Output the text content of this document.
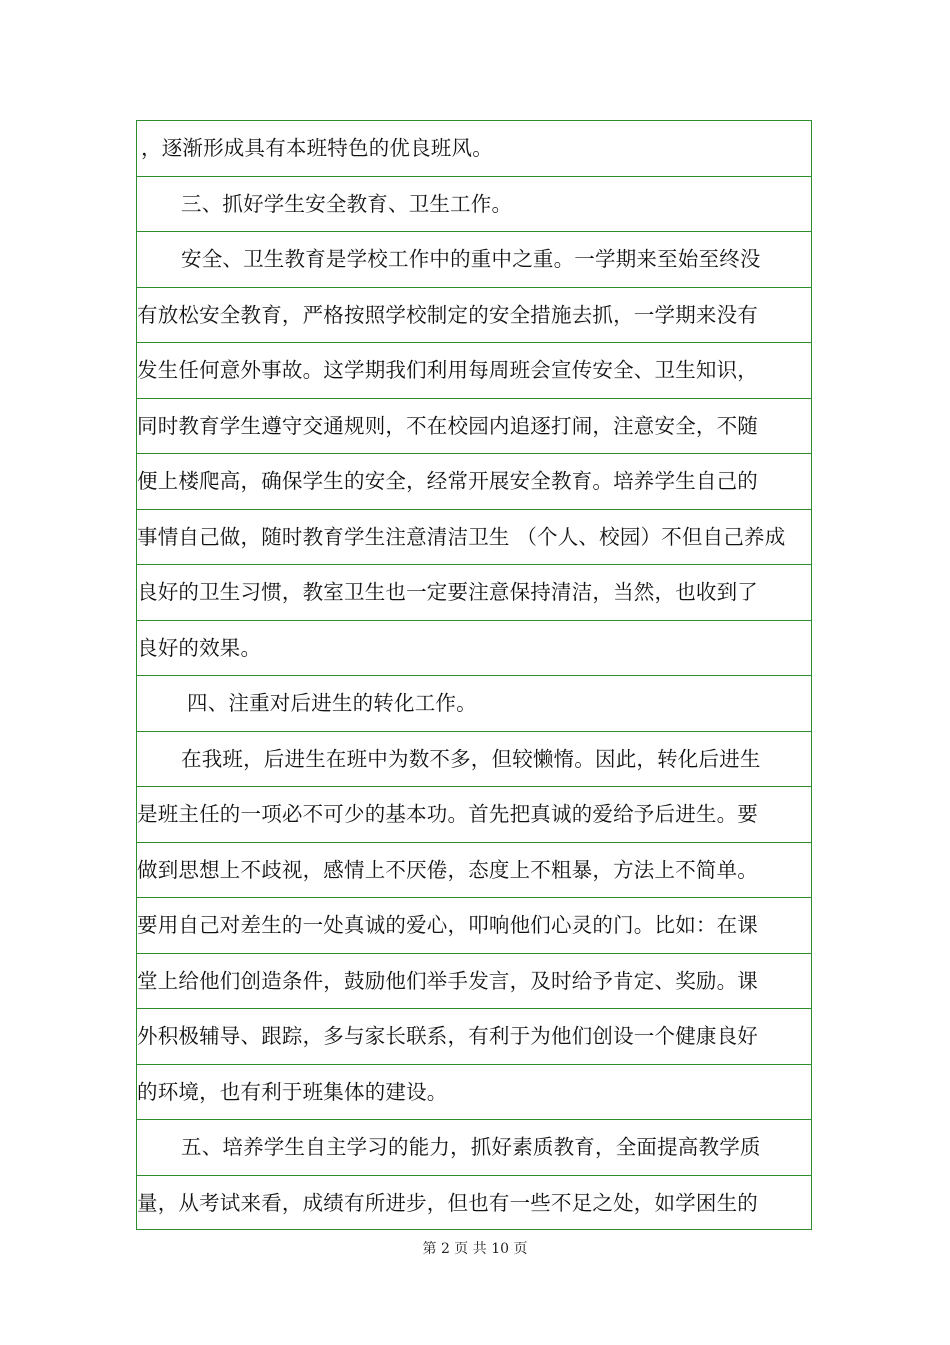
，逐渐形成具有本班特色的优良班风。
三、抓好学生安全教育、卫生工作。
安全、卫生教育是学校工作中的重中之重。一学期来至始至终没
有放松安全教育，严格按照学校制定的安全措施去抓，一学期来没有
发生任何意外事故。这学期我们利用每周班会宣传安全、卫生知识，
同时教育学生遵守交通规则，不在校园内追逐打闹，注意安全，不随
便上楼爬高，确保学生的安全，经常开展安全教育。培养学生自己的
事情自己做，随时教育学生注意清洁卫生 （个人、校园）不但自己养成
良好的卫生习惯，教室卫生也一定要注意保持清洁，当然，也收到了
良好的效果。
四、注重对后进生的转化工作。
在我班，后进生在班中为数不多，但较懒惰。因此，转化后进生
是班主任的一项必不可少的基本功。首先把真诚的爱给予后进生。要
做到思想上不歧视，感情上不厌倦，态度上不粗暴，方法上不简单。
要用自己对差生的一处真诚的爱心，叩响他们心灵的门。比如：在课
堂上给他们创造条件，鼓励他们举手发言，及时给予肯定、奖励。课
外积极辅导、跟踪，多与家长联系，有利于为他们创设一个健康良好
的环境，也有利于班集体的建设。
五、培养学生自主学习的能力，抓好素质教育，全面提高教学质
量，从考试来看，成绩有所进步，但也有一些不足之处，如学困生的
第 2 页 共 10 页
